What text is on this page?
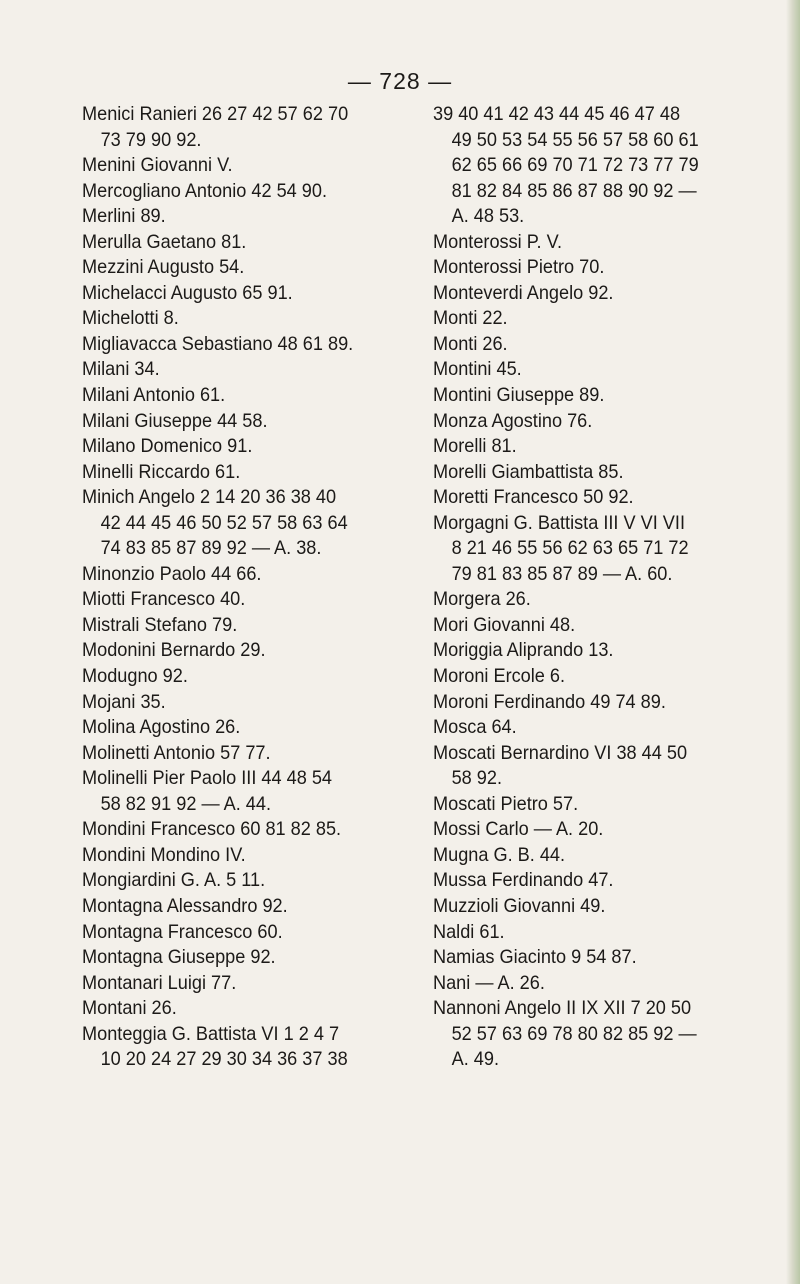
— 728 —
Menici Ranieri 26 27 42 57 62 70
73 79 90 92.
Menini Giovanni V.
Mercogliano Antonio 42 54 90.
Merlini 89.
Merulla Gaetano 81.
Mezzini Augusto 54.
Michelacci Augusto 65 91.
Michelotti 8.
Migliavacca Sebastiano 48 61 89.
Milani 34.
Milani Antonio 61.
Milani Giuseppe 44 58.
Milano Domenico 91.
Minelli Riccardo 61.
Minich Angelo 2 14 20 36 38 40
42 44 45 46 50 52 57 58 63 64
74 83 85 87 89 92 — A. 38.
Minonzio Paolo 44 66.
Miotti Francesco 40.
Mistrali Stefano 79.
Modonini Bernardo 29.
Modugno 92.
Mojani 35.
Molina Agostino 26.
Molinetti Antonio 57 77.
Molinelli Pier Paolo III 44 48 54
58 82 91 92 — A. 44.
Mondini Francesco 60 81 82 85.
Mondini Mondino IV.
Mongiardini G. A. 5 11.
Montagna Alessandro 92.
Montagna Francesco 60.
Montagna Giuseppe 92.
Montanari Luigi 77.
Montani 26.
Monteggia G. Battista VI 1 2 4 7
10 20 24 27 29 30 34 36 37 38
39 40 41 42 43 44 45 46 47 48
49 50 53 54 55 56 57 58 60 61
62 65 66 69 70 71 72 73 77 79
81 82 84 85 86 87 88 90 92 —
A. 48 53.
Monterossi P. V.
Monterossi Pietro 70.
Monteverdi Angelo 92.
Monti 22.
Monti 26.
Montini 45.
Montini Giuseppe 89.
Monza Agostino 76.
Morelli 81.
Morelli Giambattista 85.
Moretti Francesco 50 92.
Morgagni G. Battista III V VI VII
8 21 46 55 56 62 63 65 71 72
79 81 83 85 87 89 — A. 60.
Morgera 26.
Mori Giovanni 48.
Moriggia Aliprando 13.
Moroni Ercole 6.
Moroni Ferdinando 49 74 89.
Mosca 64.
Moscati Bernardino VI 38 44 50
58 92.
Moscati Pietro 57.
Mossi Carlo — A. 20.
Mugna G. B. 44.
Mussa Ferdinando 47.
Muzzioli Giovanni 49.
Naldi 61.
Namias Giacinto 9 54 87.
Nani — A. 26.
Nannoni Angelo II IX XII 7 20 50
52 57 63 69 78 80 82 85 92 —
A. 49.
